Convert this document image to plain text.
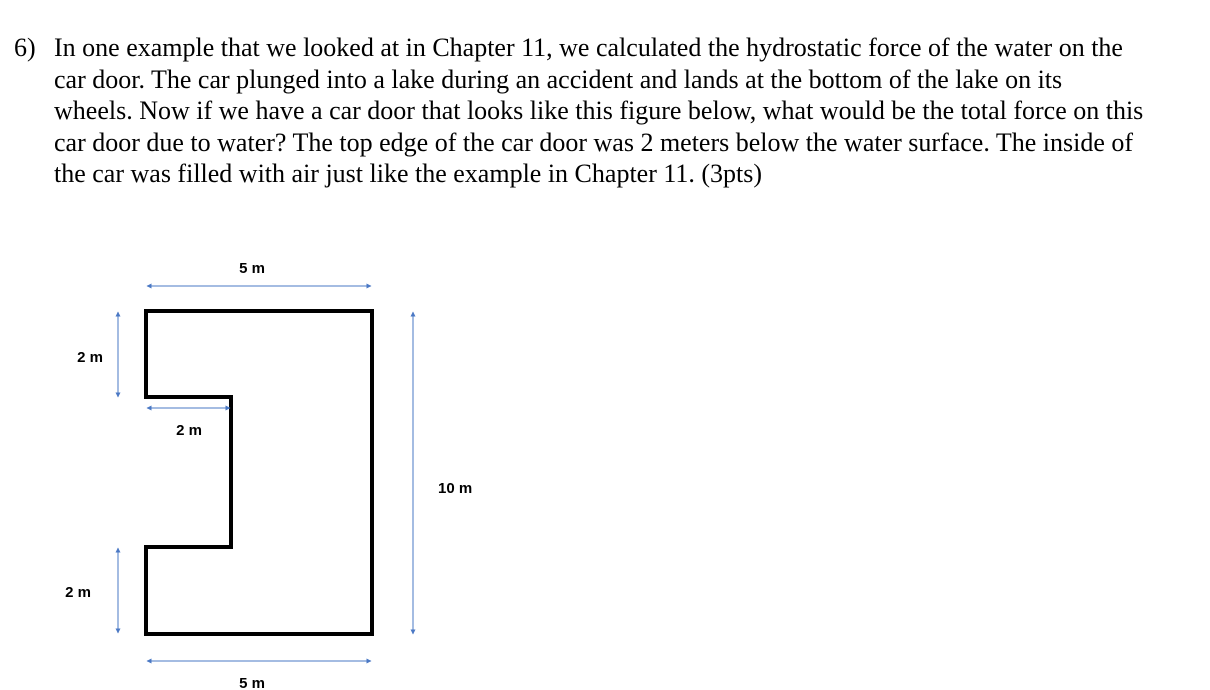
6) In one example that we looked at in Chapter 11, we calculated the hydrostatic force of the water on the
car door. The car plunged into a lake during an accident and lands at the bottom of the lake on its
wheels. Now if we have a car door that looks like this figure below, what would be the total force on this
car door due to water? The top edge of the car door was 2 meters below the water surface. The inside of
the car was filled with air just like the example in Chapter 11. (3pts)
5 m
10 m
2 m
2 m
2 m
5 m
